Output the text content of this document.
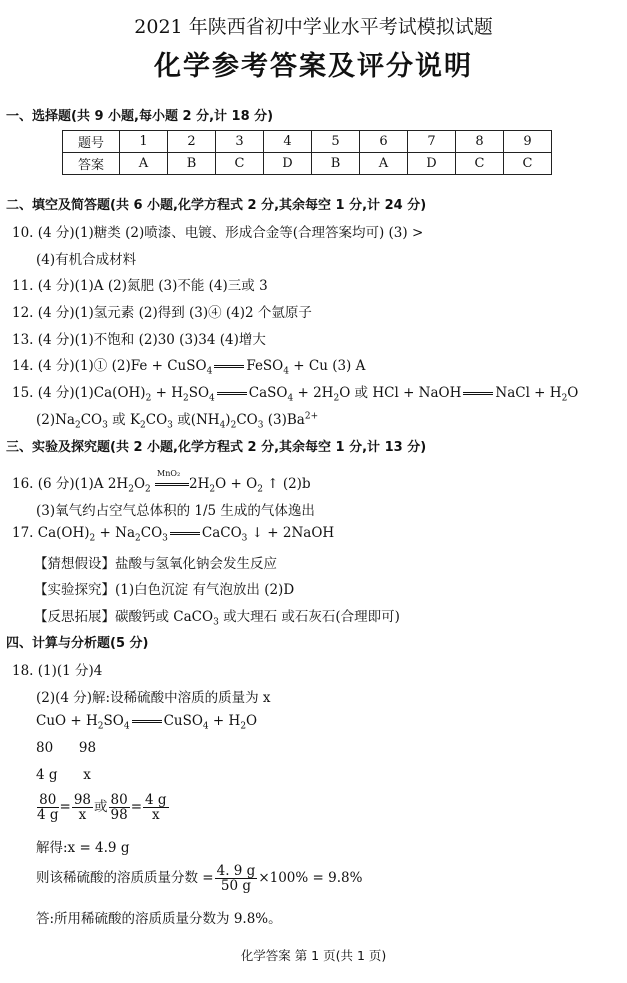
2021 年陕西省初中学业水平考试模拟试题
化学参考答案及评分说明
一、选择题(共 9 小题,每小题 2 分,计 18 分)
题号	1	2	3	4	5	6	7	8	9
答案	A	B	C	D	B	A	D	C	C
二、填空及简答题(共 6 小题,化学方程式 2 分,其余每空 1 分,计 24 分)
10. (4 分)(1)糖类 (2)喷漆、电镀、形成合金等(合理答案均可) (3) >
(4)有机合成材料
11. (4 分)(1)A (2)氮肥 (3)不能 (4)三或 3
12. (4 分)(1)氢元素 (2)得到 (3)④ (4)2 个氩原子
13. (4 分)(1)不饱和 (2)30 (3)34 (4)增大
14. (4 分)(1)① (2)Fe + CuSO$_4$	FeSO$_4$ + Cu (3) A
15. (4 分)$(1)Ca(OH)_2 + H_2SO_4$	CaSO$_4$ + $2H_2O$ 或 HCl + NaOH	NaCl + $H_2O$
$(2)Na_2CO_3$ 或 $K_2CO_3$ 或$(NH_4)_2CO_3$ $(3)Ba^{2+}$
三、实验及探究题(共 2 小题,化学方程式 2 分,其余每空 1 分,计 13 分)
16. (6 分)(1)A $2H_2O_2$
MnO₂
$2H_2O + O_2$ ↑ (2)b
(3)氧气约占空气总体积的 1/5 生成的气体逸出
17. $Ca(OH)_2 + Na_2CO_3$	CaCO$_3$ ↓ + 2NaOH
【猜想假设】盐酸与氢氧化钠会发生反应
【实验探究】(1)白色沉淀 有气泡放出 (2)D
【反思拓展】碳酸钙或 CaCO$_3$ 或大理石 或石灰石(合理即可)
四、计算与分析题(5 分)
18. (1)(1 分)4
(2)(4 分)解:设稀硫酸中溶质的质量为 x
CuO + $H_2SO_4$	CuSO$_4$ + $H_2O$
80      98
4 g      x
$\frac{80}{4 g} = \frac{98}{x}$ 或 $\frac{80}{98} = \frac{4 g}{x}$
解得:x = 4.9 g
则该稀硫酸的溶质质量分数 = $\frac{4. 9 g}{50 g} \times 100\% = 9.8\%$
答:所用稀硫酸的溶质质量分数为 9.8%。
化学答案 第 1 页(共 1 页)
